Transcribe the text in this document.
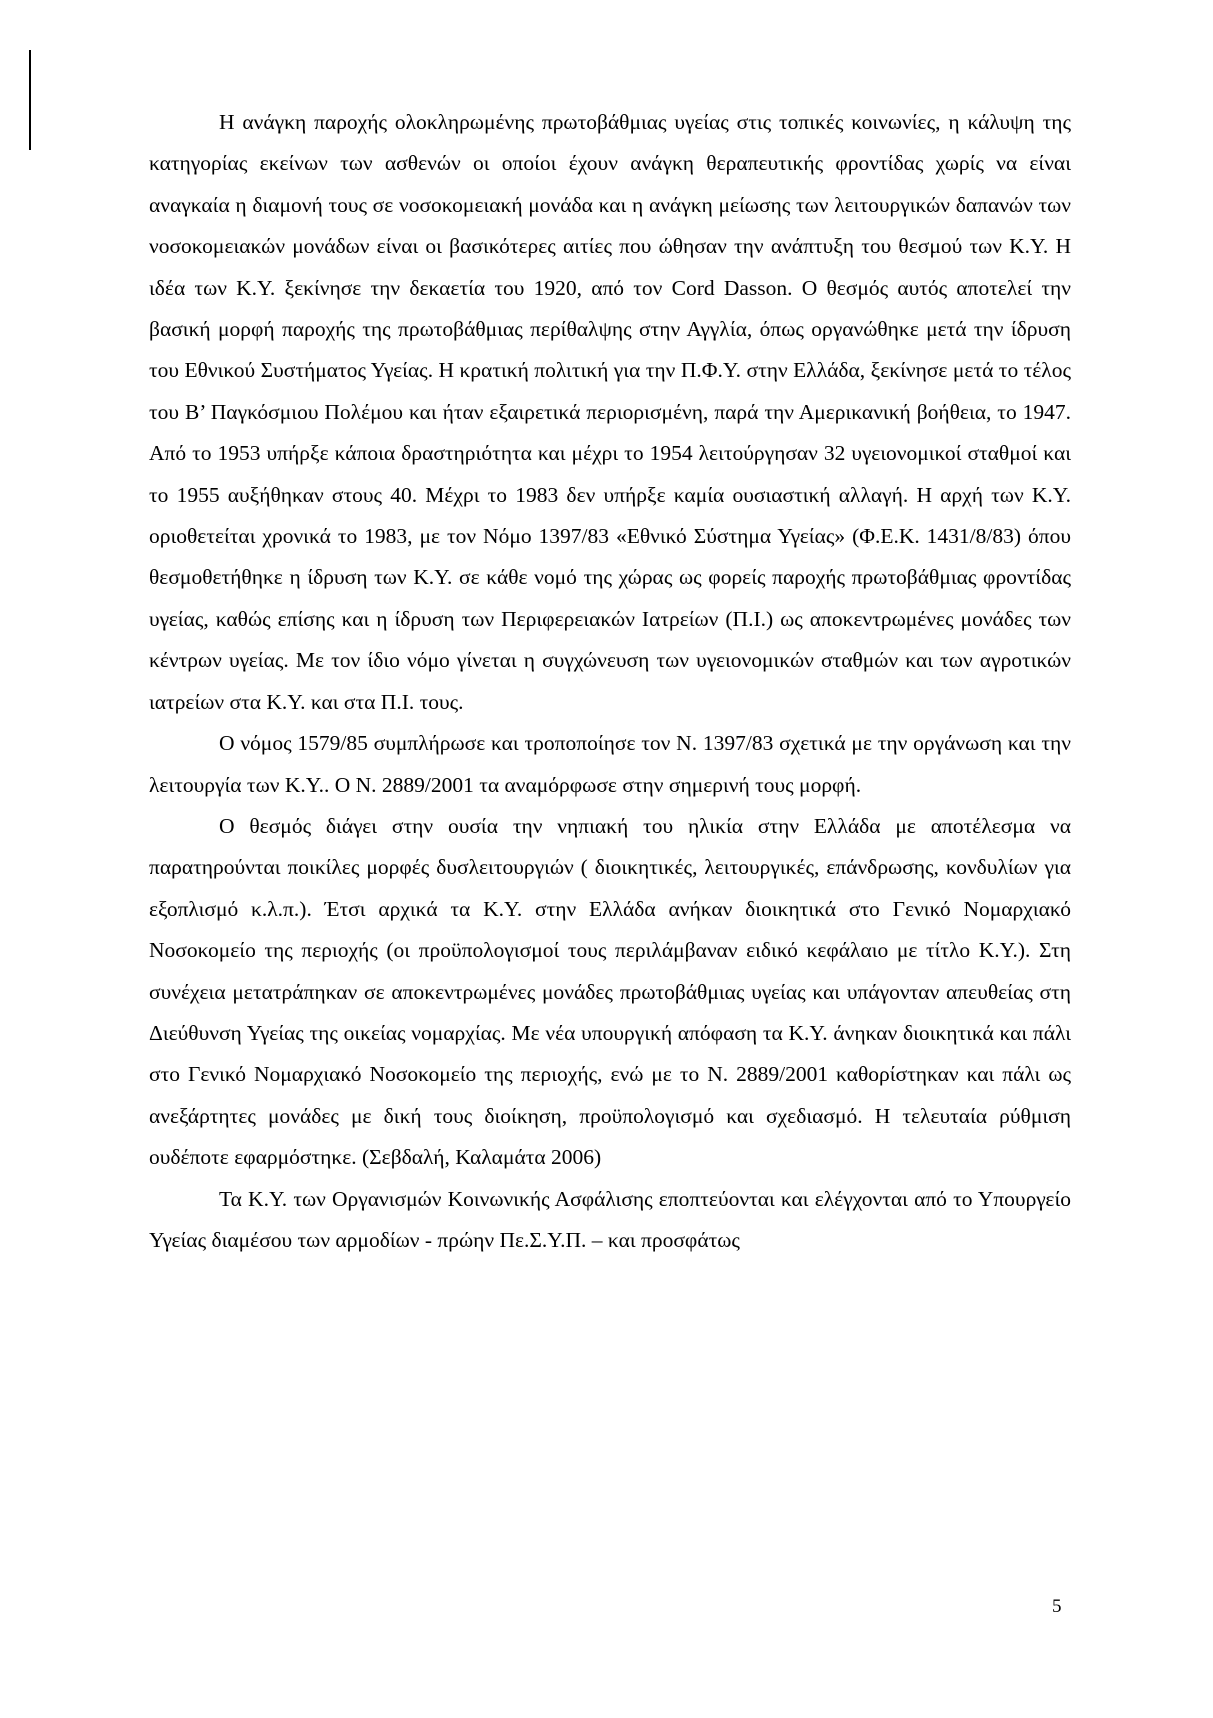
Η ανάγκη παροχής ολοκληρωμένης πρωτοβάθμιας υγείας στις τοπικές κοινωνίες, η κάλυψη της κατηγορίας εκείνων των ασθενών οι οποίοι έχουν ανάγκη θεραπευτικής φροντίδας χωρίς να είναι αναγκαία η διαμονή τους σε νοσοκομειακή μονάδα και η ανάγκη μείωσης των λειτουργικών δαπανών των νοσοκομειακών μονάδων είναι οι βασικότερες αιτίες που ώθησαν την ανάπτυξη του θεσμού των Κ.Υ. Η ιδέα των Κ.Υ. ξεκίνησε την δεκαετία του 1920, από τον Cord Dasson. Ο θεσμός αυτός αποτελεί την βασική μορφή παροχής της πρωτοβάθμιας περίθαλψης στην Αγγλία, όπως οργανώθηκε μετά την ίδρυση του Εθνικού Συστήματος Υγείας. Η κρατική πολιτική για την Π.Φ.Υ. στην Ελλάδα, ξεκίνησε μετά το τέλος του Β’ Παγκόσμιου Πολέμου και ήταν εξαιρετικά περιορισμένη, παρά την Αμερικανική βοήθεια, το 1947. Από το 1953 υπήρξε κάποια δραστηριότητα και μέχρι το 1954 λειτούργησαν 32 υγειονομικοί σταθμοί και το 1955 αυξήθηκαν στους 40. Μέχρι το 1983 δεν υπήρξε καμία ουσιαστική αλλαγή. Η αρχή των Κ.Υ. οριοθετείται χρονικά το 1983, με τον Νόμο 1397/83 «Εθνικό Σύστημα Υγείας» (Φ.Ε.Κ. 1431/8/83) όπου θεσμοθετήθηκε η ίδρυση των Κ.Υ. σε κάθε νομό της χώρας ως φορείς παροχής πρωτοβάθμιας φροντίδας υγείας, καθώς επίσης και η ίδρυση των Περιφερειακών Ιατρείων (Π.Ι.) ως αποκεντρωμένες μονάδες των κέντρων υγείας. Με τον ίδιο νόμο γίνεται η συγχώνευση των υγειονομικών σταθμών και των αγροτικών ιατρείων στα Κ.Υ. και στα Π.Ι. τους.

Ο νόμος 1579/85 συμπλήρωσε και τροποποίησε τον Ν. 1397/83 σχετικά με την οργάνωση και την λειτουργία των Κ.Υ.. Ο Ν. 2889/2001 τα αναμόρφωσε στην σημερινή τους μορφή.

Ο θεσμός διάγει στην ουσία την νηπιακή του ηλικία στην Ελλάδα με αποτέλεσμα να παρατηρούνται ποικίλες μορφές δυσλειτουργιών ( διοικητικές, λειτουργικές, επάνδρωσης, κονδυλίων για εξοπλισμό κ.λ.π.). Έτσι αρχικά τα Κ.Υ. στην Ελλάδα ανήκαν διοικητικά στο Γενικό Νομαρχιακό Νοσοκομείο της περιοχής (οι προϋπολογισμοί τους περιλάμβαναν ειδικό κεφάλαιο με τίτλο Κ.Υ.). Στη συνέχεια μετατράπηκαν σε αποκεντρωμένες μονάδες πρωτοβάθμιας υγείας και υπάγονταν απευθείας στη Διεύθυνση Υγείας της οικείας νομαρχίας. Με νέα υπουργική απόφαση τα Κ.Υ. άνηκαν διοικητικά και πάλι στο Γενικό Νομαρχιακό Νοσοκομείο της περιοχής, ενώ με το Ν. 2889/2001 καθορίστηκαν και πάλι ως ανεξάρτητες μονάδες με δική τους διοίκηση, προϋπολογισμό και σχεδιασμό. Η τελευταία ρύθμιση ουδέποτε εφαρμόστηκε. (Σεβδαλή, Καλαμάτα 2006)

Τα Κ.Υ. των Οργανισμών Κοινωνικής Ασφάλισης εποπτεύονται και ελέγχονται από το Υπουργείο Υγείας διαμέσου των αρμοδίων - πρώην Πε.Σ.Υ.Π. – και προσφάτως

5
